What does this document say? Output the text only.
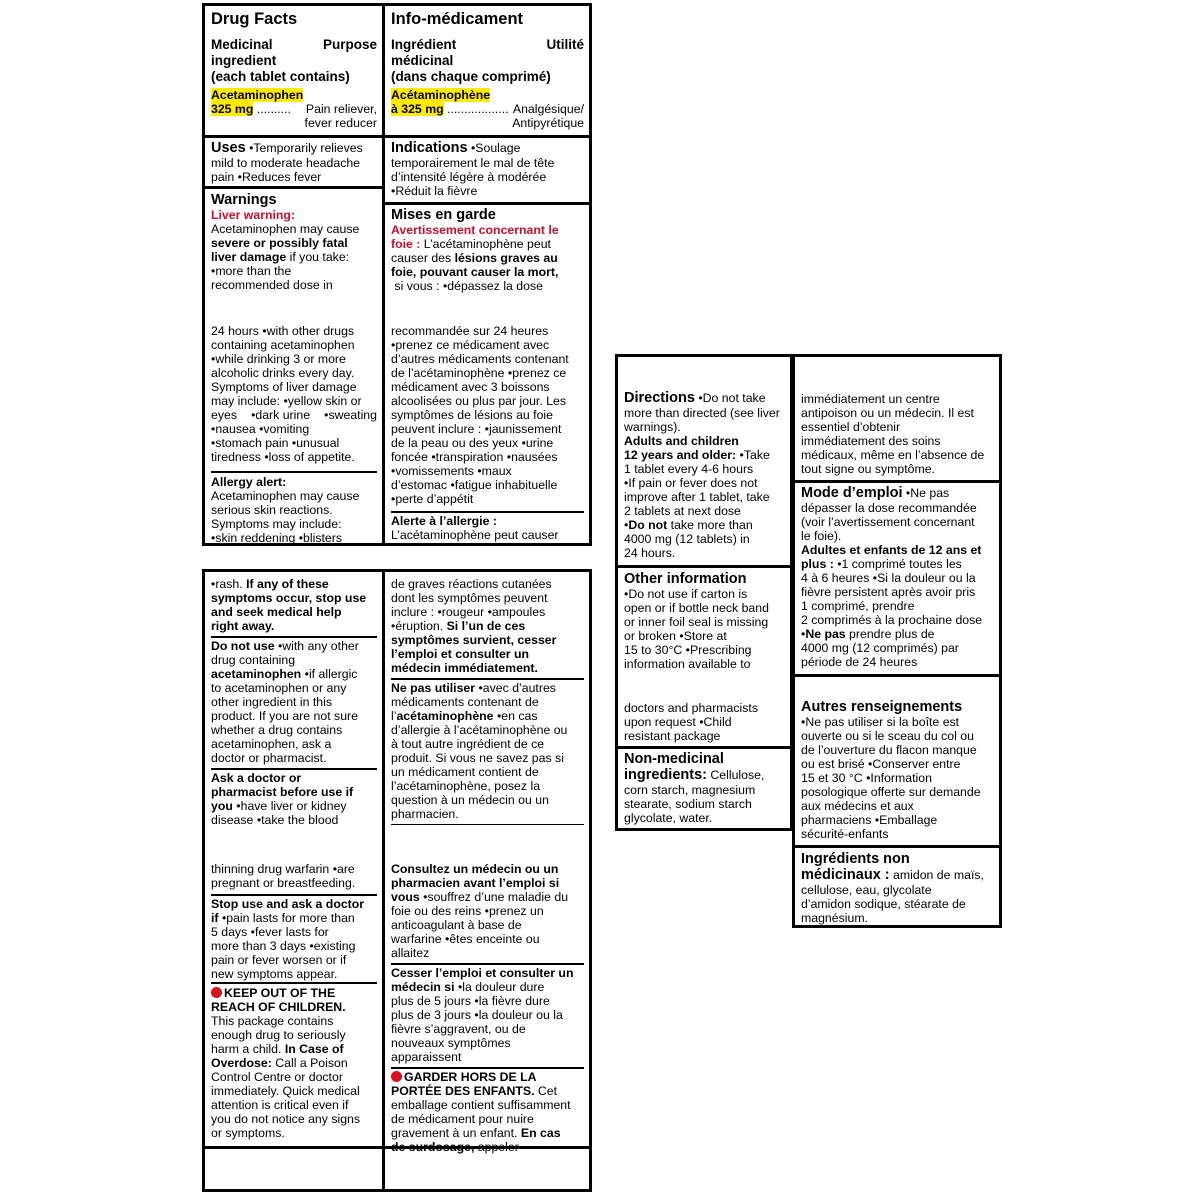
Drug Facts
Medicinal	Purpose
ingredient
(each tablet contains)
Acetaminophen
325 mg .......... Pain reliever,
fever reducer
Uses • Temporarily relieves
mild to moderate headache
pain • Reduces fever
Warnings
Liver warning:
Acetaminophen may cause
severe or possibly fatal
liver damage if you take:
• more than the
recommended dose in
24 hours • with other drugs
containing acetaminophen
• while drinking 3 or more
alcoholic drinks every day.
Symptoms of liver damage
may include: • yellow skin or
eyes •	dark urine •	sweating
• nausea • vomiting
• stomach pain • unusual
tiredness • loss of appetite.
Allergy alert:
Acetaminophen may cause
serious skin reactions.
Symptoms may include:
• skin reddening • blisters
Info-médicament
Ingrédient	Utilité
médicinal
(dans chaque comprimé)
Acétaminophène
à 325 mg .................. Analgésique/
Antipyrétique
Indications • Soulage
temporairement le mal de tête
d’intensité légère à modérée
• Réduit la fièvre
Mises en garde
Avertissement concernant le
foie : L’acétaminophène peut
causer des lésions graves au
foie, pouvant causer la mort,
si vous : • dépassez la dose
recommandée sur 24 heures
• prenez ce médicament avec
d’autres médicaments contenant
de l’acétaminophène • prenez ce
médicament avec 3 boissons
alcoolisées ou plus par jour. Les
symptômes de lésions au foie
peuvent inclure : • jaunissement
de la peau ou des yeux • urine
foncée • transpiration • nausées
• vomissements • maux
d’estomac • fatigue inhabituelle
• perte d’appétit
Alerte à l’allergie :
L’acétaminophène peut causer
• rash. If any of these
symptoms occur, stop use
and seek medical help
right away.
Do not use • with any other
drug containing
acetaminophen • if allergic
to acetaminophen or any
other ingredient in this
product. If you are not sure
whether a drug contains
acetaminophen, ask a
doctor or pharmacist.
Ask a doctor or
pharmacist before use if
you • have liver or kidney
disease • take the blood
thinning drug warfarin • are
pregnant or breastfeeding.
Stop use and ask a doctor
if • pain lasts for more than
5 days • fever lasts for
more than 3 days • existing
pain or fever worsen or if
new symptoms appear.
KEEP OUT OF THE
REACH OF CHILDREN.
This package contains
enough drug to seriously
harm a child. In Case of
Overdose: Call a Poison
Control Centre or doctor
immediately. Quick medical
attention is critical even if
you do not notice any signs
or symptoms.
de graves réactions cutanées
dont les symptômes peuvent
inclure : • rougeur • ampoules
• éruption. Si l’un de ces
symptômes survient, cesser
l’emploi et consulter un
médecin immédiatement.
Ne pas utiliser • avec d’autres
médicaments contenant de
l’acétaminophène • en cas
d’allergie à l’acétaminophène ou
à tout autre ingrédient de ce
produit. Si vous ne savez pas si
un médicament contient de
l’acétaminophène, posez la
question à un médecin ou un
pharmacien.
Consultez un médecin ou un
pharmacien avant l’emploi si
vous • souffrez d’une maladie du
foie ou des reins • prenez un
anticoagulant à base de
warfarine • êtes enceinte ou
allaitez
Cesser l’emploi et consulter un
médecin si • la douleur dure
plus de 5 jours • la fièvre dure
plus de 3 jours • la douleur ou la
fièvre s’aggravent, ou de
nouveaux symptômes
apparaissent
GARDER HORS DE LA
PORTÉE DES ENFANTS. Cet
emballage contient suffisamment
de médicament pour nuire
gravement à un enfant. En cas
de surdosage, appeler
Directions • Do not take
more than directed (see liver
warnings).
Adults and children
12 years and older: • Take
1 tablet every 4-6 hours
• If pain or fever does not
improve after 1 tablet, take
2 tablets at next dose
• Do not take more than
4000 mg (12 tablets) in
24 hours.
Other information
• Do not use if carton is
open or if bottle neck band
or inner foil seal is missing
or broken • Store at
15 to 30°C • Prescribing
information available to
doctors and pharmacists
upon request • Child
resistant package
Non-medicinal
ingredients: Cellulose,
corn starch, magnesium
stearate, sodium starch
glycolate, water.
immédiatement un centre
antipoison ou un médecin. Il est
essentiel d’obtenir
immédiatement des soins
médicaux, même en l’absence de
tout signe ou symptôme.
Mode d’emploi • Ne pas
dépasser la dose recommandée
(voir l’avertissement concernant
le foie).
Adultes et enfants de 12 ans et
plus : • 1 comprimé toutes les
4 à 6 heures • Si la douleur ou la
fièvre persistent après avoir pris
1 comprimé, prendre
2 comprimés à la prochaine dose
• Ne pas prendre plus de
4000 mg (12 comprimés) par
période de 24 heures
Autres renseignements
• Ne pas utiliser si la boîte est
ouverte ou si le sceau du col ou
de l’ouverture du flacon manque
ou est brisé • Conserver entre
15 et 30 °C • Information
posologique offerte sur demande
aux médecins et aux
pharmaciens • Emballage
sécurité-enfants
Ingrédients non
médicinaux : amidon de maïs,
cellulose, eau, glycolate
d’amidon sodique, stéarate de
magnésium.
